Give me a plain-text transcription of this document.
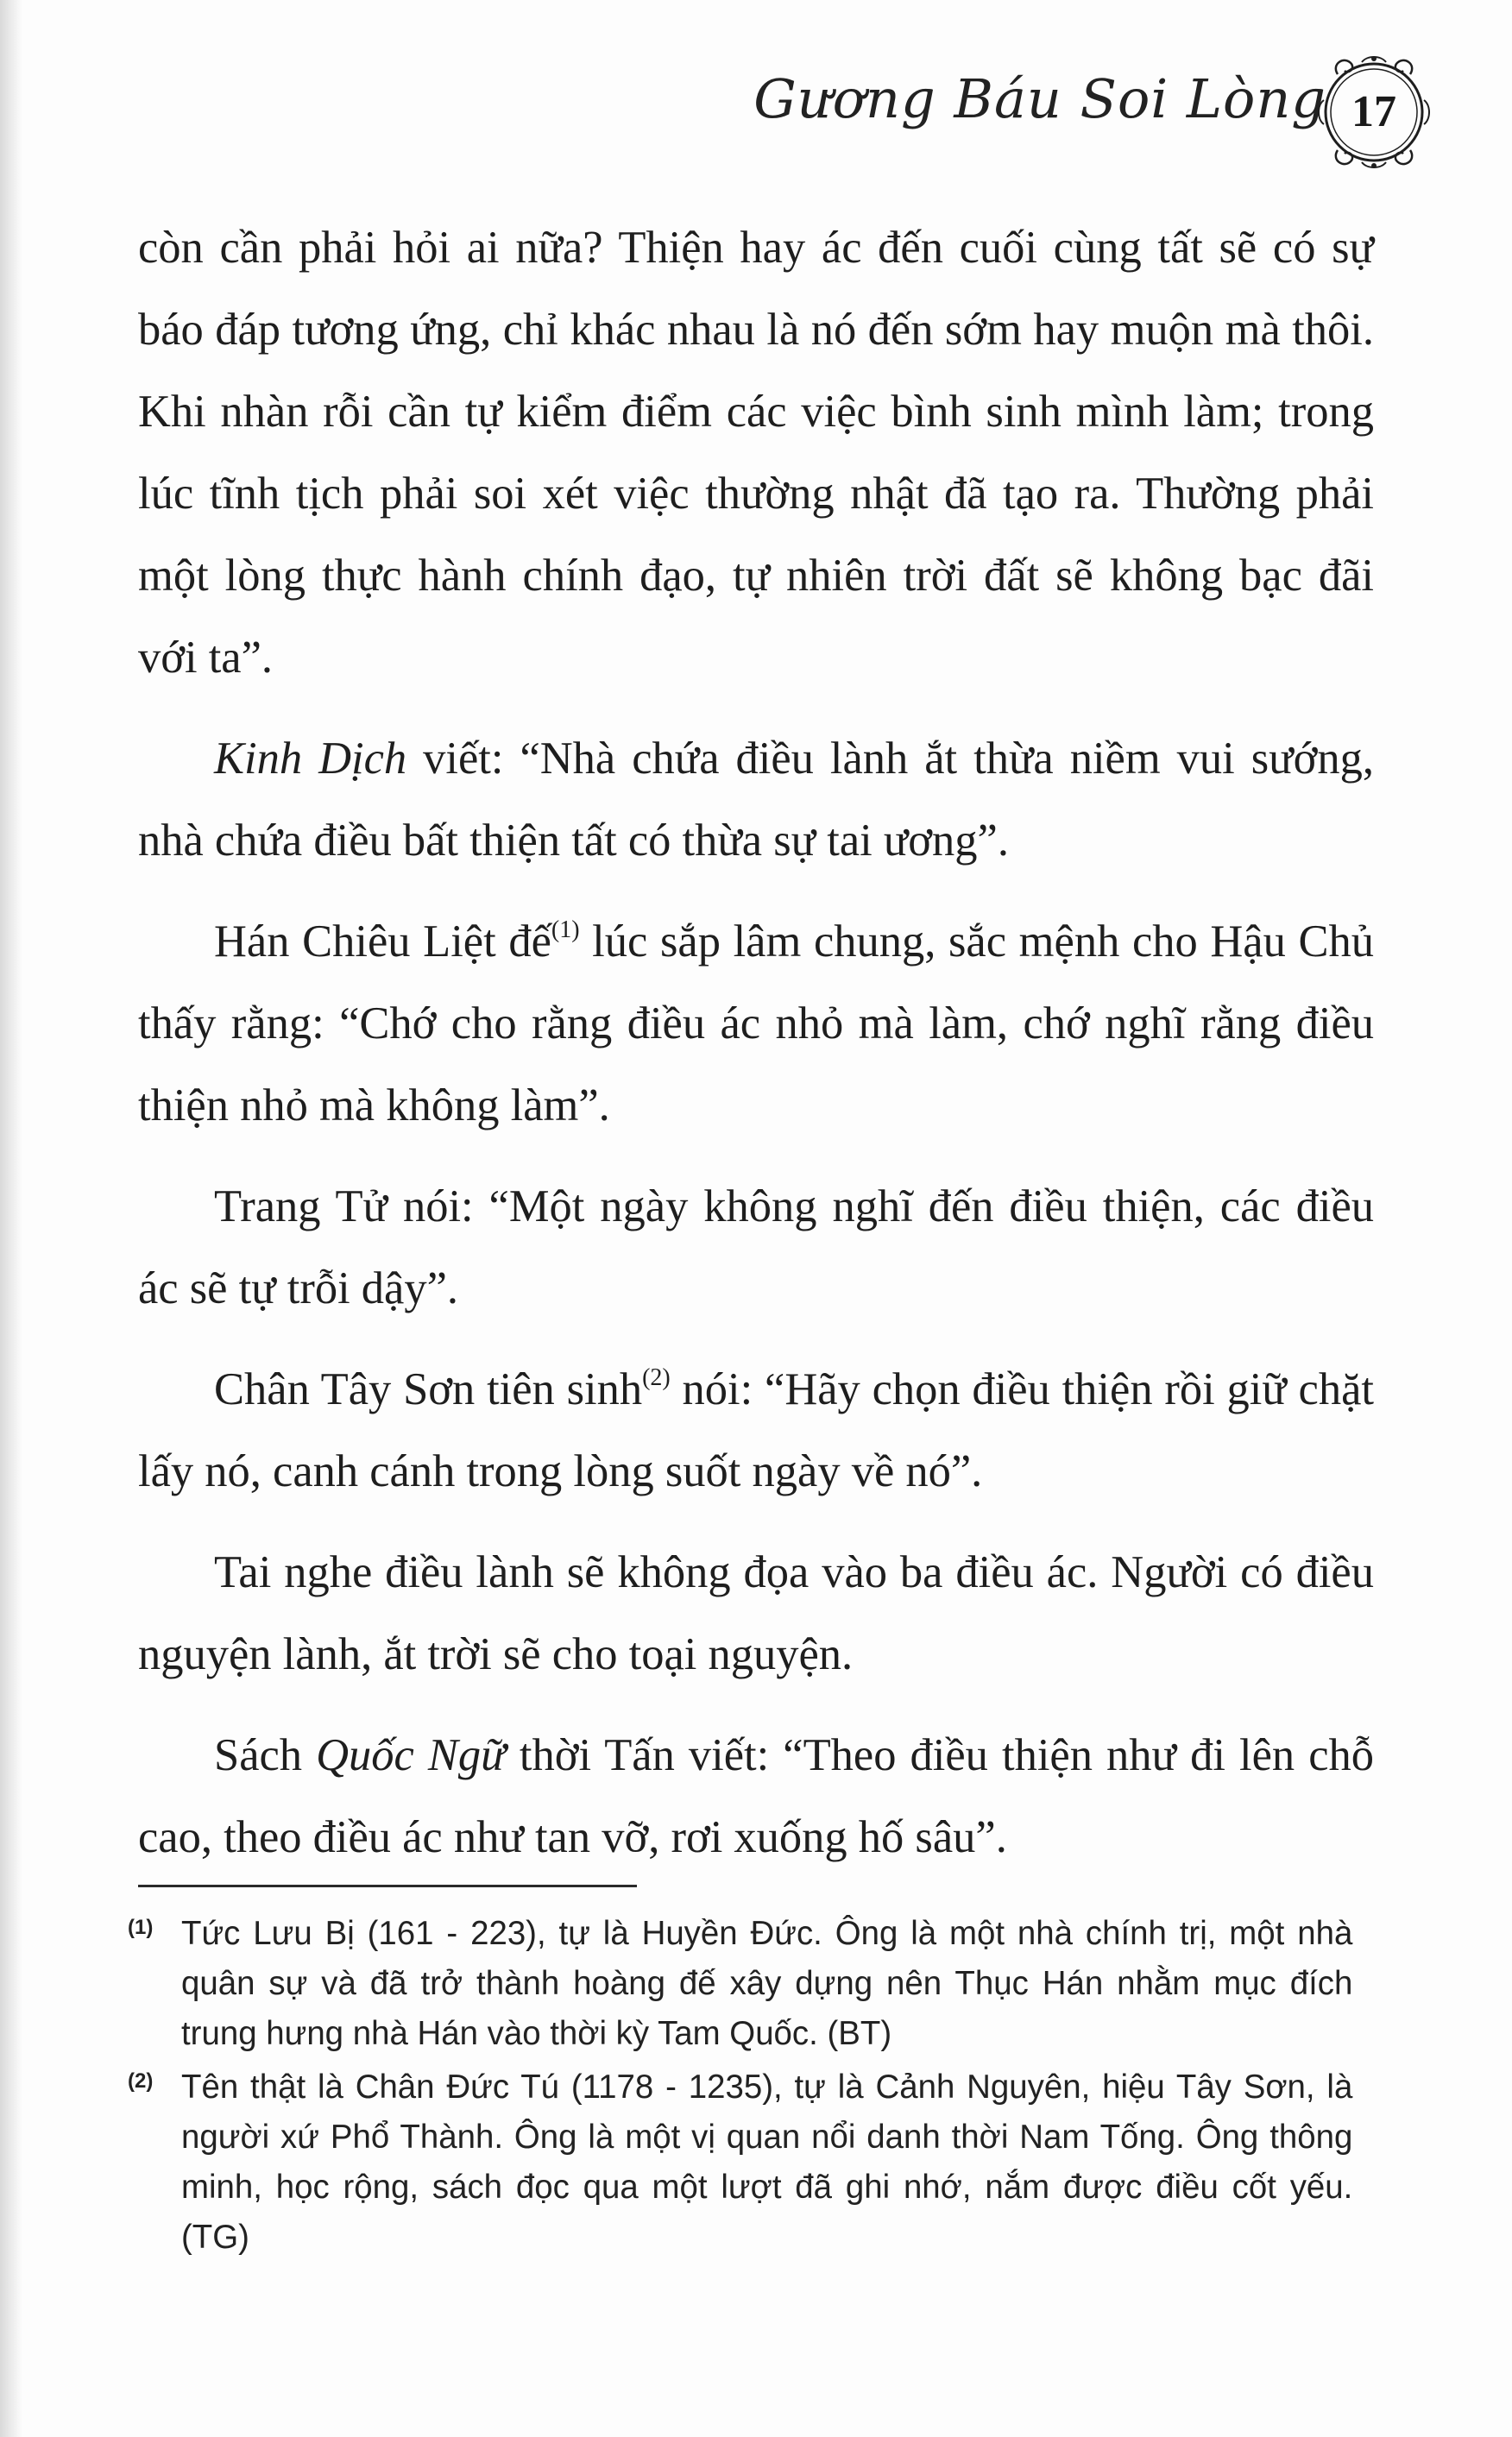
Gương Báu Soi Lòng 17

còn cần phải hỏi ai nữa? Thiện hay ác đến cuối cùng tất sẽ có sự báo đáp tương ứng, chỉ khác nhau là nó đến sớm hay muộn mà thôi. Khi nhàn rỗi cần tự kiểm điểm các việc bình sinh mình làm; trong lúc tĩnh tịch phải soi xét việc thường nhật đã tạo ra. Thường phải một lòng thực hành chính đạo, tự nhiên trời đất sẽ không bạc đãi với ta”.

Kinh Dịch viết: “Nhà chứa điều lành ắt thừa niềm vui sướng, nhà chứa điều bất thiện tất có thừa sự tai ương”.

Hán Chiêu Liệt đế$^{(1)}$ lúc sắp lâm chung, sắc mệnh cho Hậu Chủ thấy rằng: “Chớ cho rằng điều ác nhỏ mà làm, chớ nghĩ rằng điều thiện nhỏ mà không làm”.

Trang Tử nói: “Một ngày không nghĩ đến điều thiện, các điều ác sẽ tự trỗi dậy”.

Chân Tây Sơn tiên sinh$^{(2)}$ nói: “Hãy chọn điều thiện rồi giữ chặt lấy nó, canh cánh trong lòng suốt ngày về nó”.

Tai nghe điều lành sẽ không đọa vào ba điều ác. Người có điều nguyện lành, ắt trời sẽ cho toại nguyện.

Sách Quốc Ngữ thời Tấn viết: “Theo điều thiện như đi lên chỗ cao, theo điều ác như tan vỡ, rơi xuống hố sâu”.

(1) Tức Lưu Bị (161 - 223), tự là Huyền Đức. Ông là một nhà chính trị, một nhà quân sự và đã trở thành hoàng đế xây dựng nên Thục Hán nhằm mục đích trung hưng nhà Hán vào thời kỳ Tam Quốc. (BT)
(2) Tên thật là Chân Đức Tú (1178 - 1235), tự là Cảnh Nguyên, hiệu Tây Sơn, là người xứ Phổ Thành. Ông là một vị quan nổi danh thời Nam Tống. Ông thông minh, học rộng, sách đọc qua một lượt đã ghi nhớ, nắm được điều cốt yếu. (TG)
